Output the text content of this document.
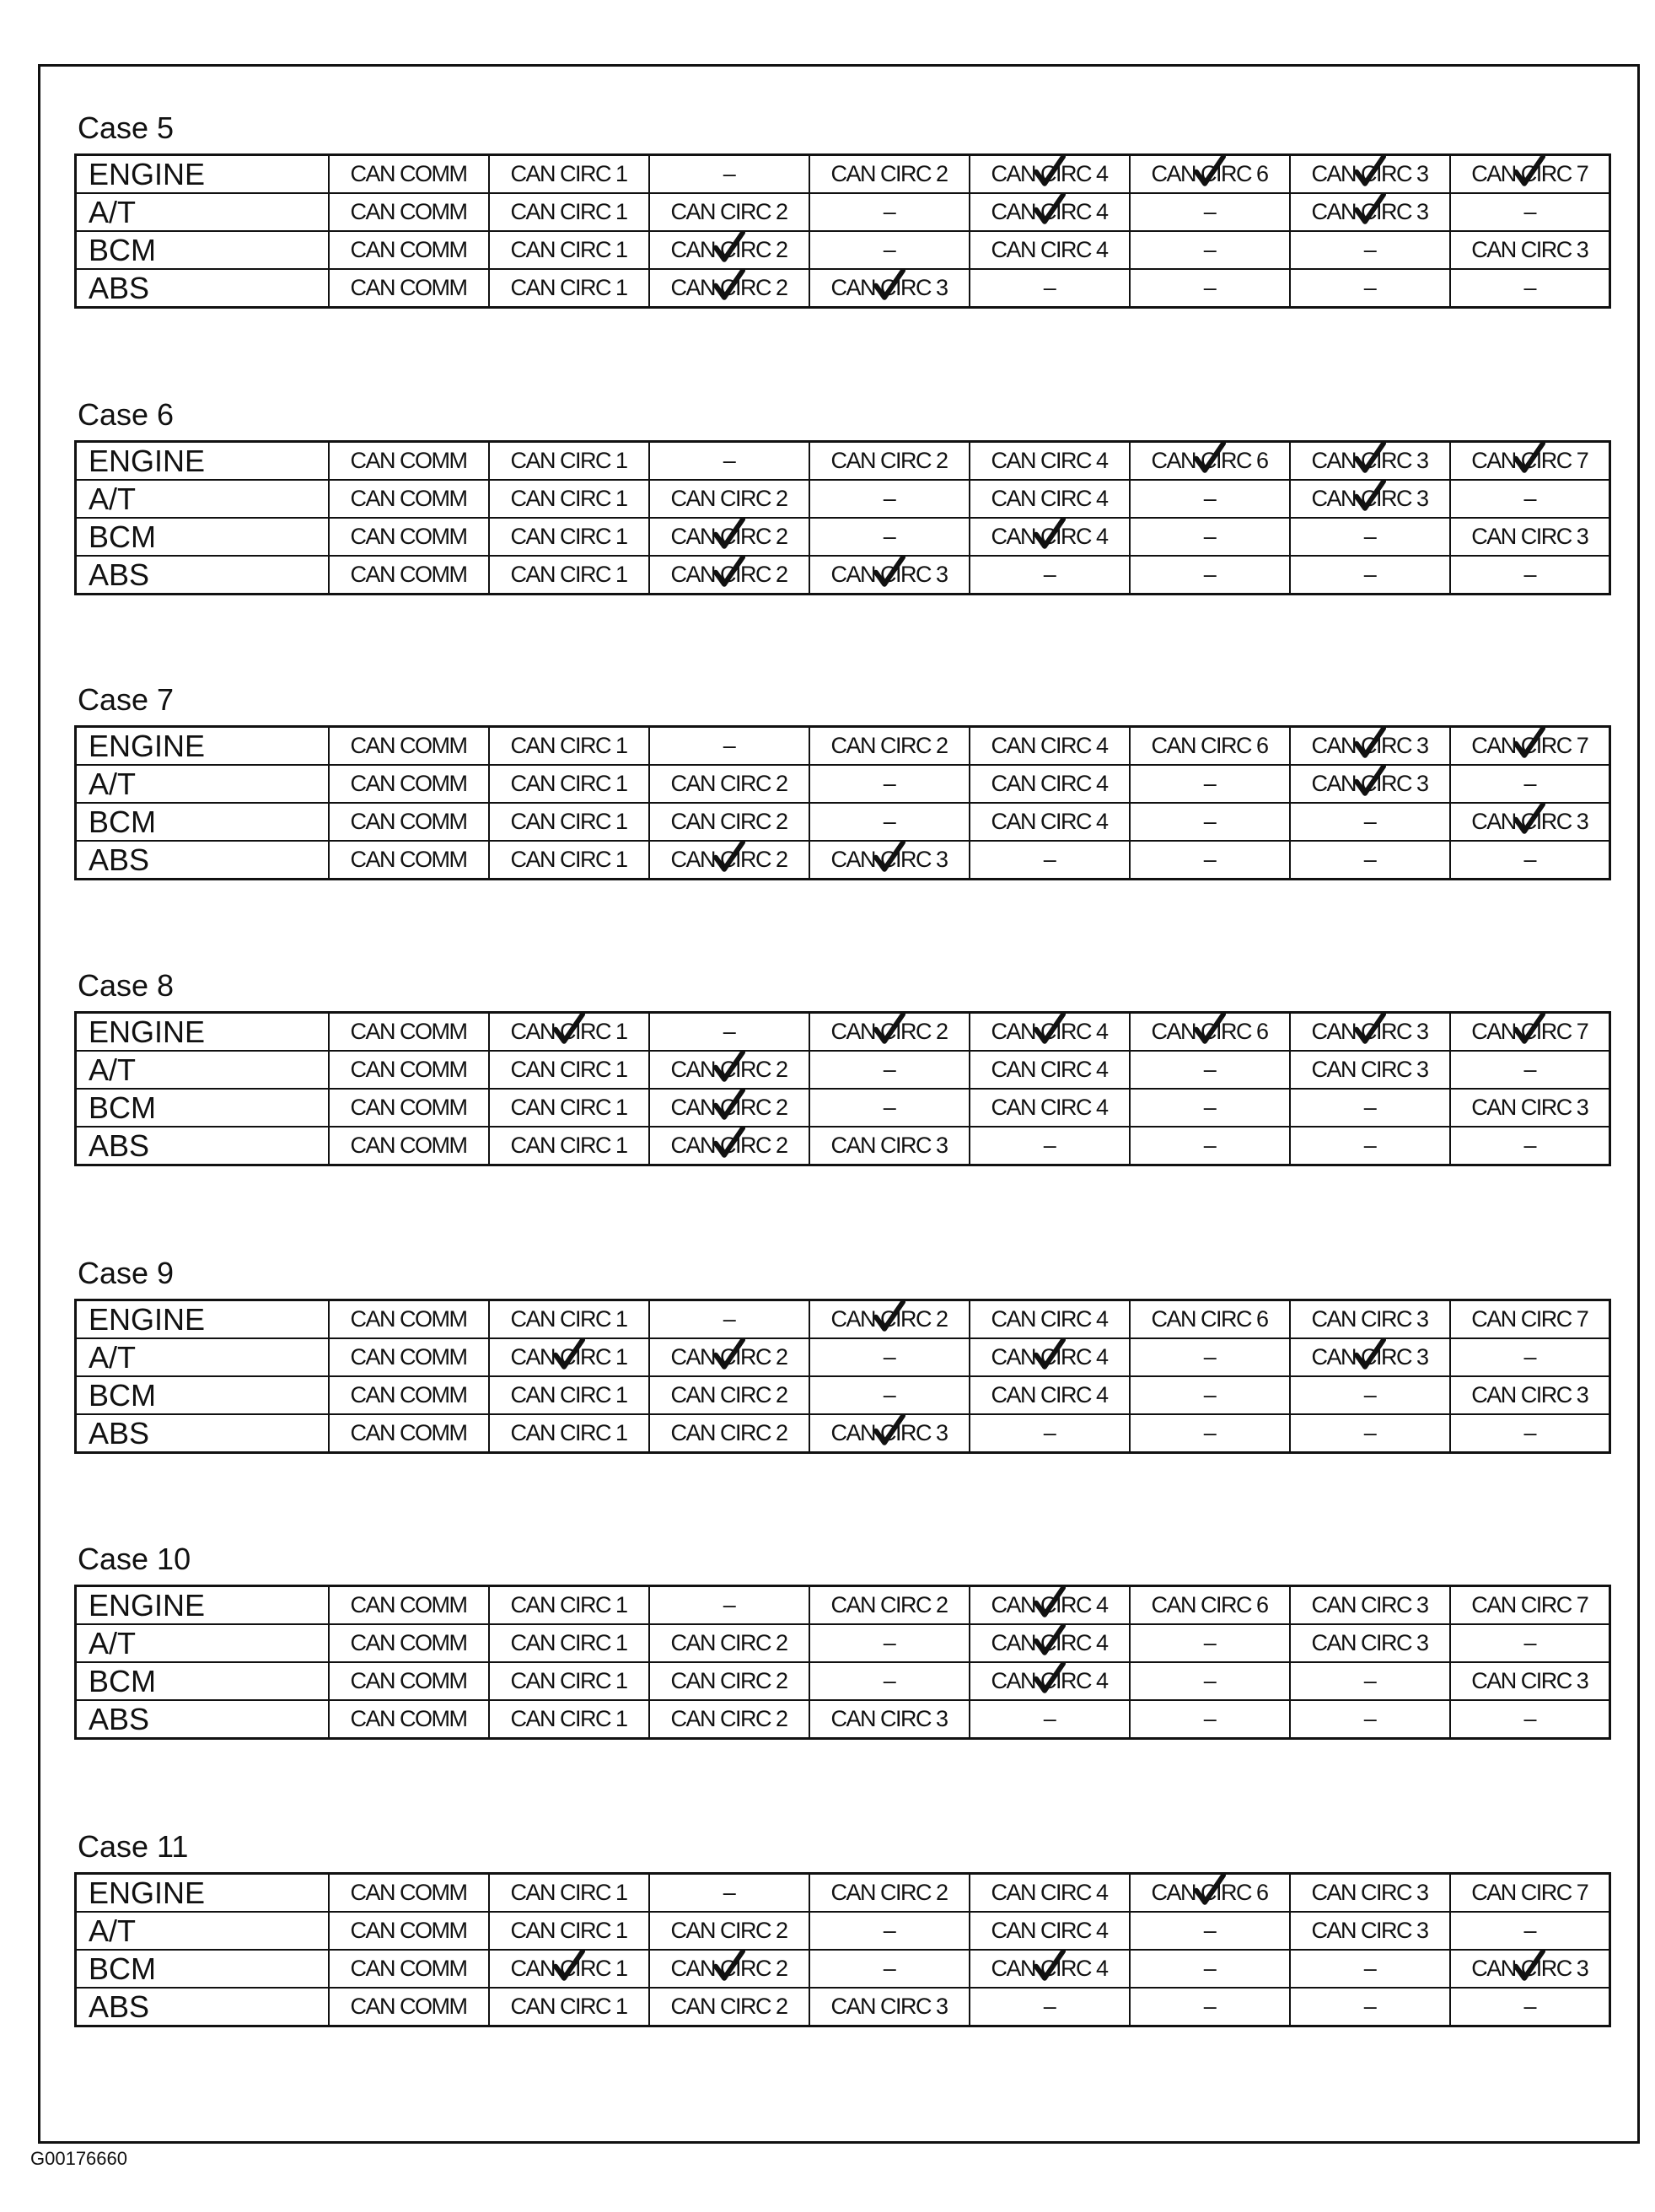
Case 5
ENGINE	CAN COMM	CAN CIRC 1	–	CAN CIRC 2	CAN CIRC 4	CAN CIRC 6	CAN CIRC 3	CAN CIRC 7

A/T	CAN COMM	CAN CIRC 1	CAN CIRC 2	–	CAN CIRC 4	–	CAN CIRC 3	–
BCM	CAN COMM	CAN CIRC 1	CAN CIRC 2	–	CAN CIRC 4	–	–	CAN CIRC 3
ABS	CAN COMM	CAN CIRC 1	CAN CIRC 2	CAN CIRC 3	–	–	–	–
Case 6
ENGINE	CAN COMM	CAN CIRC 1	–	CAN CIRC 2	CAN CIRC 4	CAN CIRC 6	CAN CIRC 3	CAN CIRC 7

A/T	CAN COMM	CAN CIRC 1	CAN CIRC 2	–	CAN CIRC 4	–	CAN CIRC 3	–
BCM	CAN COMM	CAN CIRC 1	CAN CIRC 2	–	CAN CIRC 4	–	–	CAN CIRC 3
ABS	CAN COMM	CAN CIRC 1	CAN CIRC 2	CAN CIRC 3	–	–	–	–
Case 7
ENGINE	CAN COMM	CAN CIRC 1	–	CAN CIRC 2	CAN CIRC 4	CAN CIRC 6	CAN CIRC 3	CAN CIRC 7

A/T	CAN COMM	CAN CIRC 1	CAN CIRC 2	–	CAN CIRC 4	–	CAN CIRC 3	–
BCM	CAN COMM	CAN CIRC 1	CAN CIRC 2	–	CAN CIRC 4	–	–	CAN CIRC 3

ABS	CAN COMM	CAN CIRC 1	CAN CIRC 2	CAN CIRC 3	–	–	–	–
Case 8
ENGINE	CAN COMM	CAN CIRC 1	–	CAN CIRC 2	CAN CIRC 4	CAN CIRC 6	CAN CIRC 3	CAN CIRC 7

A/T	CAN COMM	CAN CIRC 1	CAN CIRC 2	–	CAN CIRC 4	–	CAN CIRC 3	–
BCM	CAN COMM	CAN CIRC 1	CAN CIRC 2	–	CAN CIRC 4	–	–	CAN CIRC 3
ABS	CAN COMM	CAN CIRC 1	CAN CIRC 2	CAN CIRC 3	–	–	–	–
Case 9
ENGINE	CAN COMM	CAN CIRC 1	–	CAN CIRC 2	CAN CIRC 4	CAN CIRC 6	CAN CIRC 3	CAN CIRC 7
A/T	CAN COMM	CAN CIRC 1	CAN CIRC 2	–	CAN CIRC 4	–	CAN CIRC 3	–
BCM	CAN COMM	CAN CIRC 1	CAN CIRC 2	–	CAN CIRC 4	–	–	CAN CIRC 3
ABS	CAN COMM	CAN CIRC 1	CAN CIRC 2	CAN CIRC 3	–	–	–	–
Case 10
ENGINE	CAN COMM	CAN CIRC 1	–	CAN CIRC 2	CAN CIRC 4	CAN CIRC 6	CAN CIRC 3	CAN CIRC 7
A/T	CAN COMM	CAN CIRC 1	CAN CIRC 2	–	CAN CIRC 4	–	CAN CIRC 3	–
BCM	CAN COMM	CAN CIRC 1	CAN CIRC 2	–	CAN CIRC 4	–	–	CAN CIRC 3
ABS	CAN COMM	CAN CIRC 1	CAN CIRC 2	CAN CIRC 3	–	–	–	–
Case 11
ENGINE	CAN COMM	CAN CIRC 1	–	CAN CIRC 2	CAN CIRC 4	CAN CIRC 6	CAN CIRC 3	CAN CIRC 7
A/T	CAN COMM	CAN CIRC 1	CAN CIRC 2	–	CAN CIRC 4	–	CAN CIRC 3	–
BCM	CAN COMM	CAN CIRC 1	CAN CIRC 2	–	CAN CIRC 4	–	–	CAN CIRC 3

ABS	CAN COMM	CAN CIRC 1	CAN CIRC 2	CAN CIRC 3	–	–	–	–
G00176660
